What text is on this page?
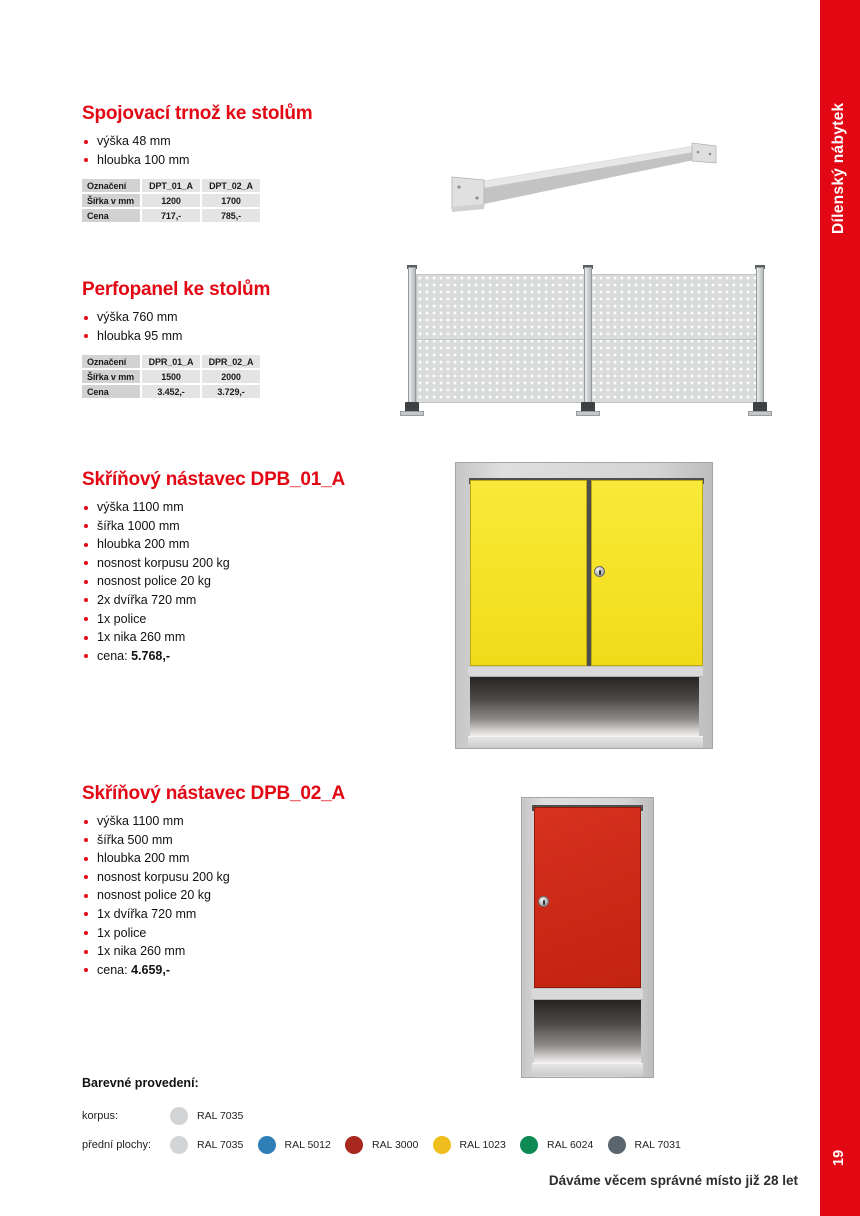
Dílenský nábytek
19
Spojovací trnož ke stolům
výška 48 mm
hloubka 100 mm
Označení	DPT_01_A	DPT_02_A
Šířka v mm	1200	1700
Cena	717,-	785,-
Perfopanel ke stolům
výška 760 mm
hloubka 95 mm
Označení	DPR_01_A	DPR_02_A
Šířka v mm	1500	2000
Cena	3.452,-	3.729,-
Skříňový nástavec DPB_01_A
výška 1100 mm
šířka 1000 mm
hloubka 200 mm
nosnost korpusu 200 kg
nosnost police 20 kg
2x dvířka 720 mm
1x police
1x nika 260 mm
cena: 5.768,-
Skříňový nástavec DPB_02_A
výška 1100 mm
šířka 500 mm
hloubka 200 mm
nosnost korpusu 200 kg
nosnost police 20 kg
1x dvířka 720 mm
1x police
1x nika 260 mm
cena: 4.659,-
Barevné provedení:
korpus:	RAL 7035
přední plochy:	RAL 7035	RAL 5012	RAL 3000	RAL 1023	RAL 6024	RAL 7031
Dáváme věcem správné místo již 28 let
